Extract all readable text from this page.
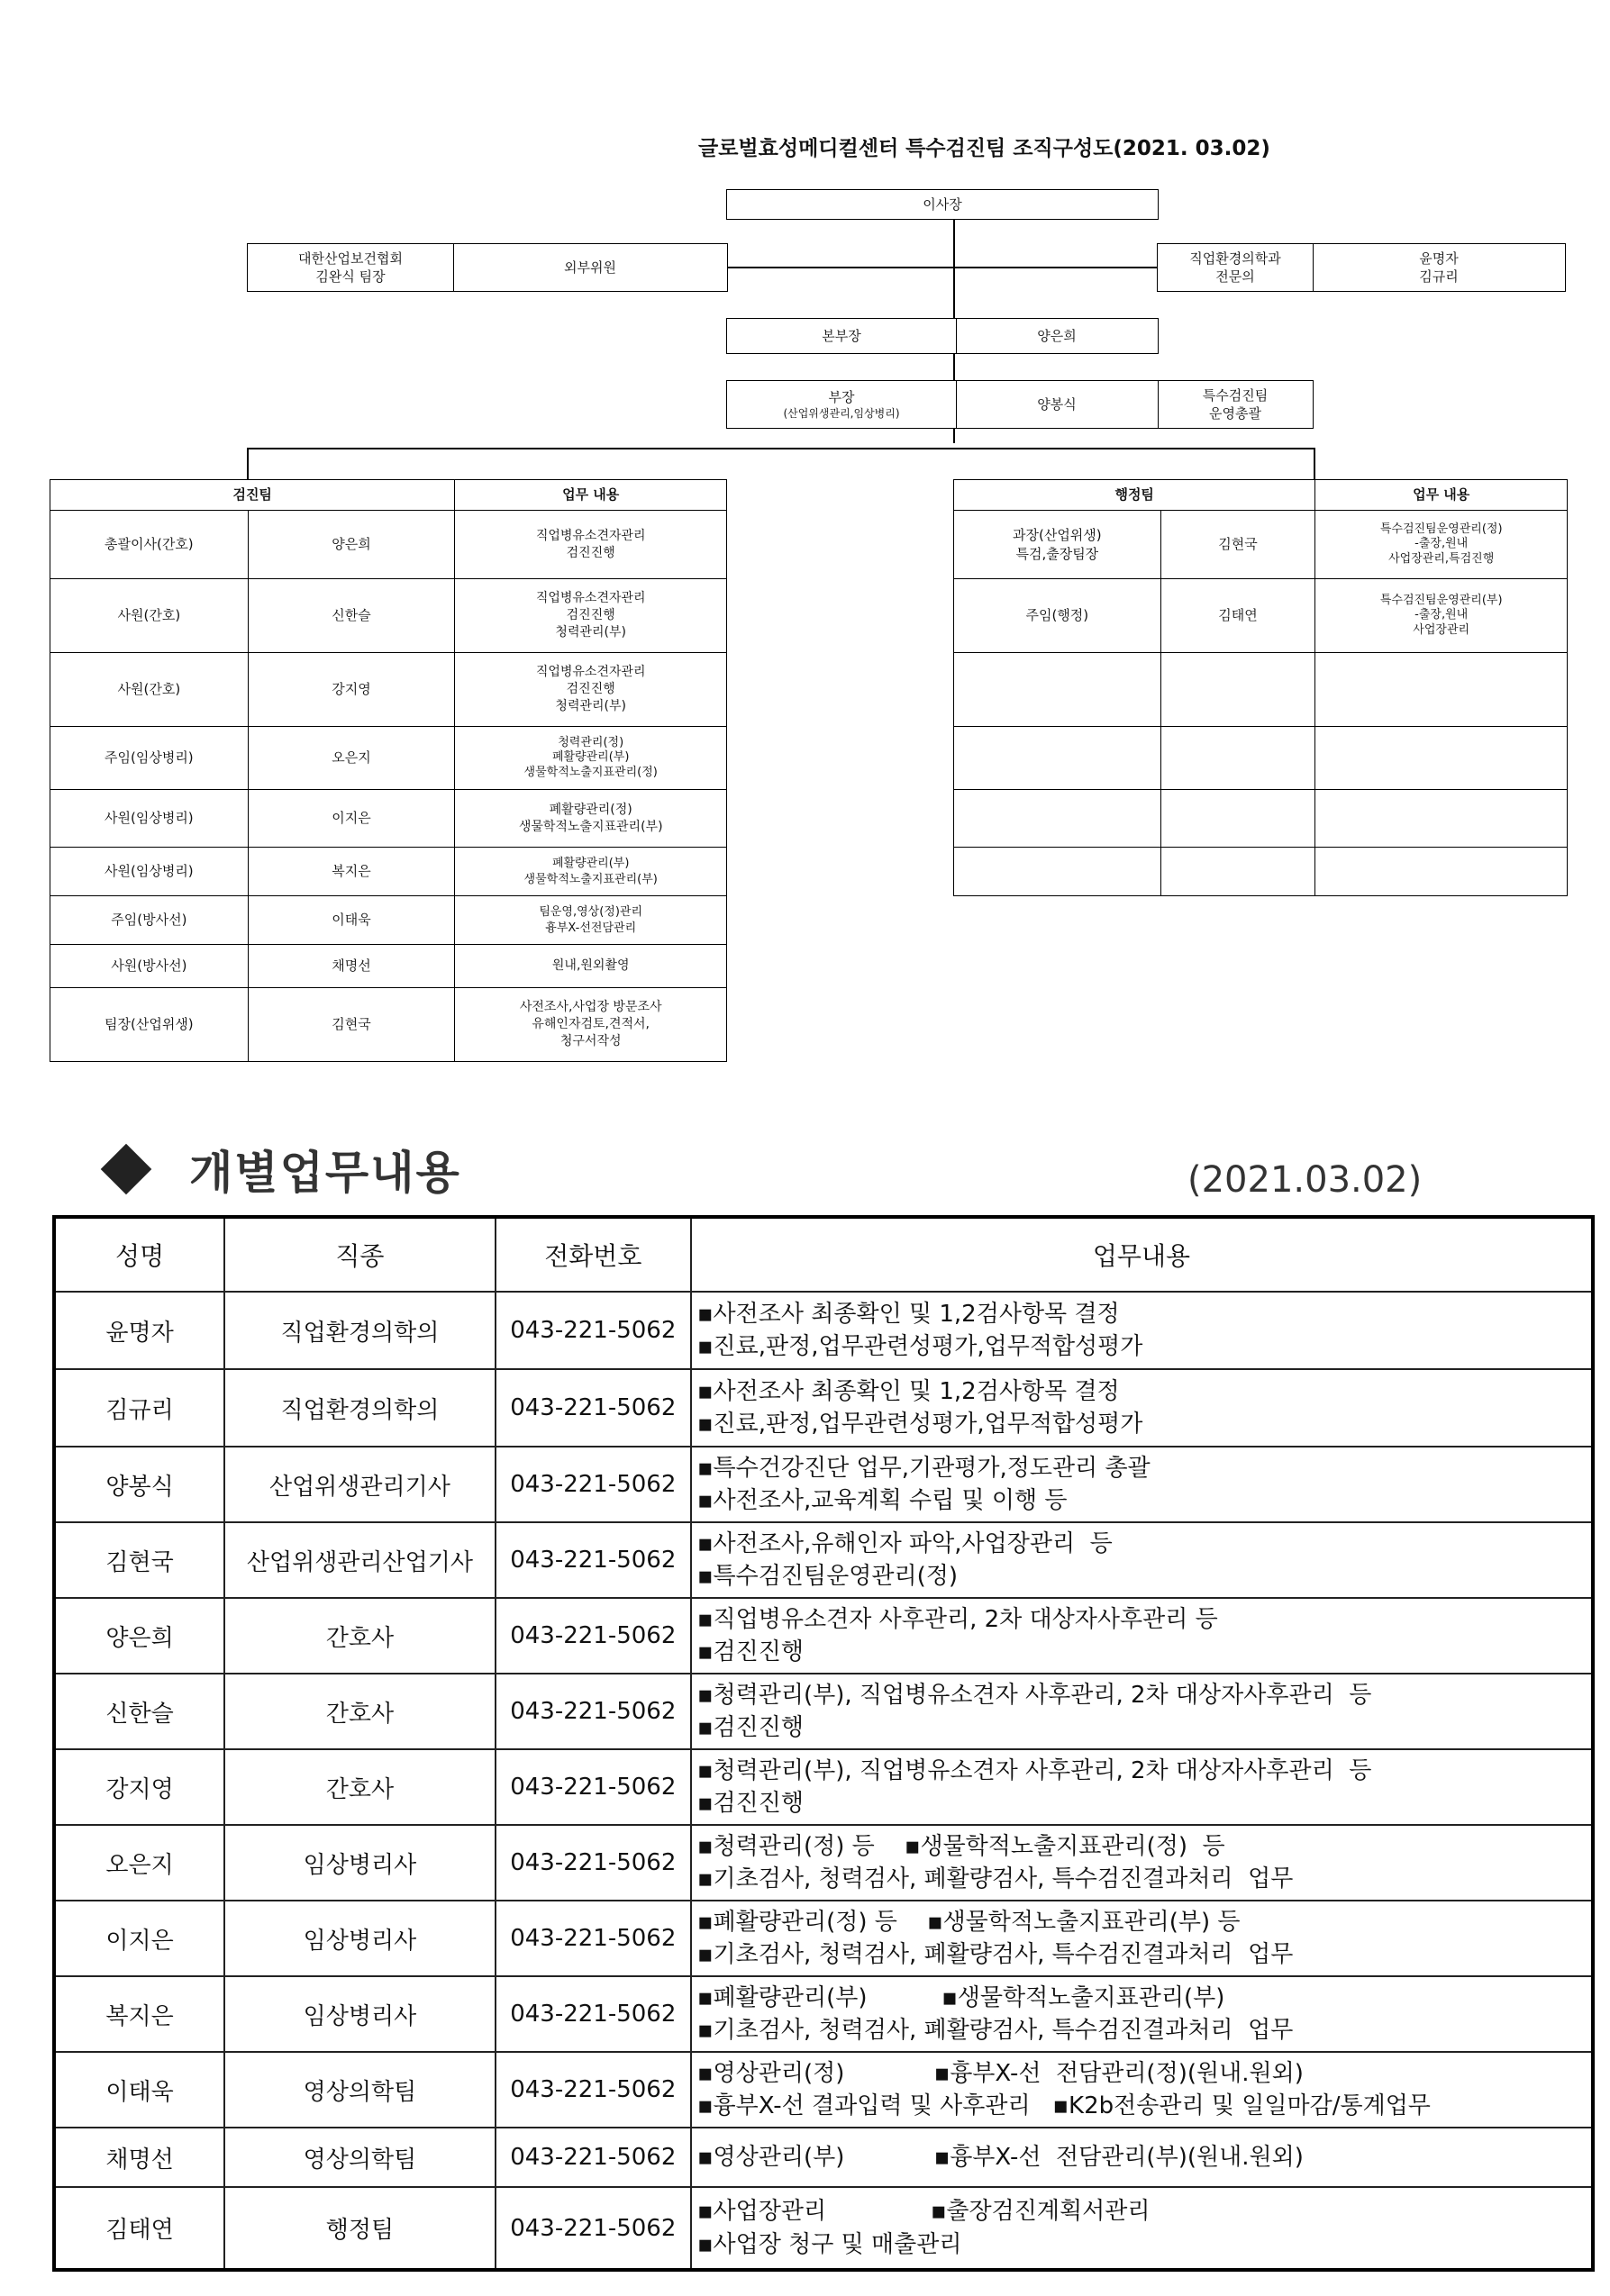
글로벌효성메디컬센터 특수검진팀 조직구성도(2021. 03.02)
이사장
대한산업보건협회
김완식 팀장
외부위원
직업환경의학과
전문의
윤명자
김규리
본부장	양은희
부장
(산업위생관리,임상병리)
양봉식
특수검진팀
운영총괄
검진팀		업무 내용
총괄이사(간호)	양은희	직업병유소견자관리
검진진행
사원(간호)	신한슬	직업병유소견자관리
검진진행
청력관리(부)
사원(간호)	강지영	직업병유소견자관리
검진진행
청력관리(부)
주임(임상병리)	오은지	청력관리(정)
폐활량관리(부)
생물학적노출지표관리(정)
사원(임상병리)	이지은	폐활량관리(정)
생물학적노출지표관리(부)
사원(임상병리)	복지은	폐활량관리(부)
생물학적노출지표관리(부)
주임(방사선)	이태욱	팀운영,영상(정)관리
흉부X-선전담관리
사원(방사선)	채명선	원내,원외촬영
팀장(산업위생)	김현국	사전조사,사업장 방문조사
유해인자검토,견적서,
청구서작성
행정팀		업무 내용
과장(산업위생)
특검,출장팀장	김현국	특수검진팀운영관리(정)
-출장,원내
사업장관리,특검진행
주임(행정)	김태연	특수검진팀운영관리(부)
-출장,원내
사업장관리

개별업무내용	(2021.03.02)
성명	직종	전화번호	업무내용
윤명자	직업환경의학의	043-221-5062	▪사전조사 최종확인 및 1,2검사항목 결정
▪진료,판정,업무관련성평가,업무적합성평가
김규리	직업환경의학의	043-221-5062	▪사전조사 최종확인 및 1,2검사항목 결정
▪진료,판정,업무관련성평가,업무적합성평가
양봉식	산업위생관리기사	043-221-5062	▪특수건강진단 업무,기관평가,정도관리 총괄
▪사전조사,교육계획 수립 및 이행 등
김현국	산업위생관리산업기사	043-221-5062	▪사전조사,유해인자 파악,사업장관리  등
▪특수검진팀운영관리(정)
양은희	간호사	043-221-5062	▪직업병유소견자 사후관리, 2차 대상자사후관리 등
▪검진진행
신한슬	간호사	043-221-5062	▪청력관리(부), 직업병유소견자 사후관리, 2차 대상자사후관리  등
▪검진진행
강지영	간호사	043-221-5062	▪청력관리(부), 직업병유소견자 사후관리, 2차 대상자사후관리  등
▪검진진행
오은지	임상병리사	043-221-5062	▪청력관리(정) 등    ▪생물학적노출지표관리(정)  등
▪기초검사, 청력검사, 폐활량검사, 특수검진결과처리  업무
이지은	임상병리사	043-221-5062	▪폐활량관리(정) 등    ▪생물학적노출지표관리(부) 등
▪기초검사, 청력검사, 폐활량검사, 특수검진결과처리  업무
복지은	임상병리사	043-221-5062	▪폐활량관리(부)          ▪생물학적노출지표관리(부)
▪기초검사, 청력검사, 폐활량검사, 특수검진결과처리  업무
이태욱	영상의학팀	043-221-5062	▪영상관리(정)            ▪흉부X-선  전담관리(정)(원내.원외)
▪흉부X-선 결과입력 및 사후관리   ▪K2b전송관리 및 일일마감/통계업무
채명선	영상의학팀	043-221-5062	▪영상관리(부)            ▪흉부X-선  전담관리(부)(원내.원외)
김태연	행정팀	043-221-5062	▪사업장관리              ▪출장검진계획서관리
▪사업장 청구 및 매출관리
